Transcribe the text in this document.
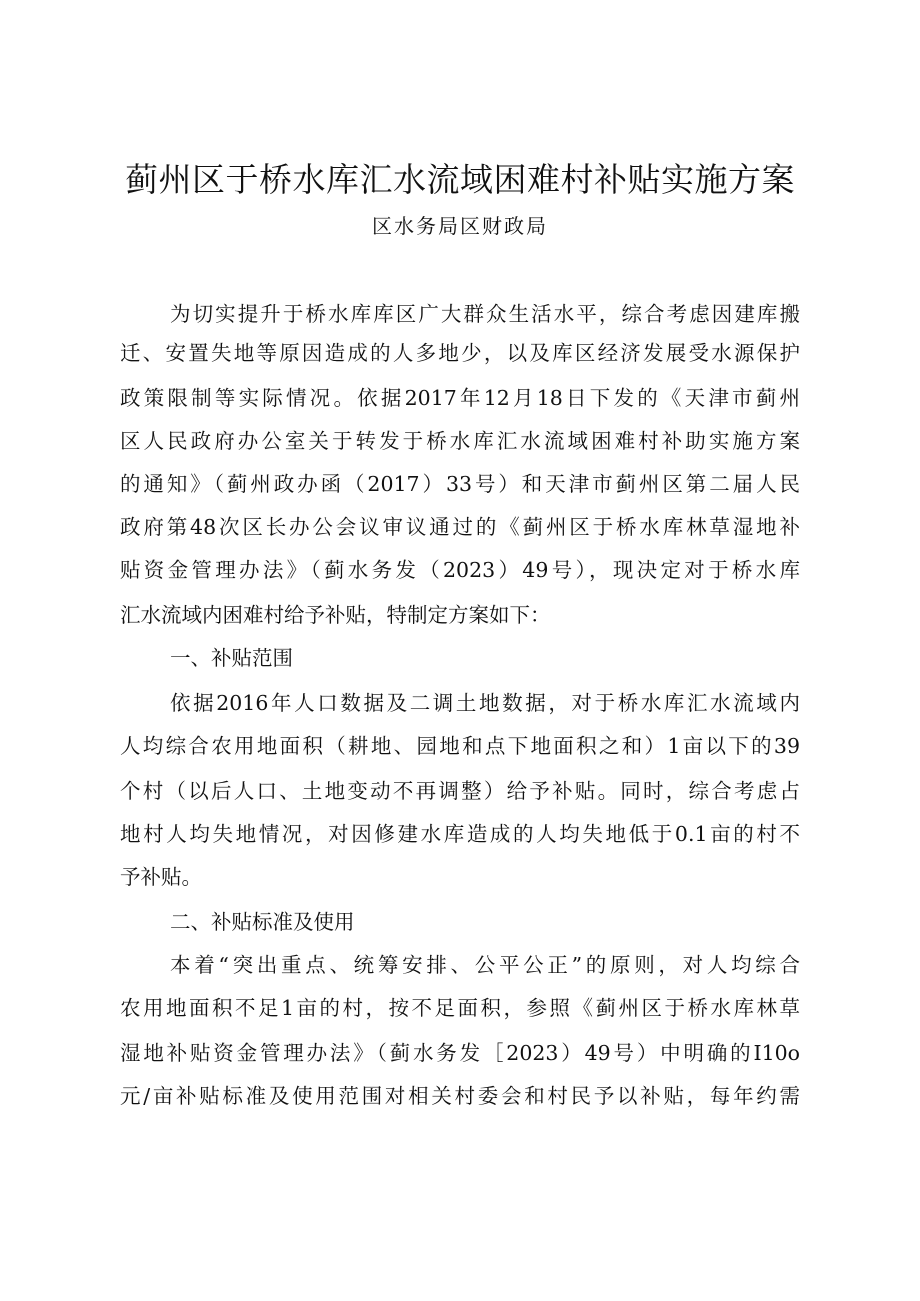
蓟州区于桥水库汇水流域困难村补贴实施方案
区水务局区财政局
为切实提升于桥水库库区广大群众生活水平，综合考虑因建库搬
迁、安置失地等原因造成的人多地少，以及库区经济发展受水源保护
政策限制等实际情况。依据2017年12月18日下发的《天津市蓟州
区人民政府办公室关于转发于桥水库汇水流域困难村补助实施方案
的通知》（蓟州政办函（2017）33号）和天津市蓟州区第二届人民
政府第48次区长办公会议审议通过的《蓟州区于桥水库林草湿地补
贴资金管理办法》（蓟水务发（2023）49号），现决定对于桥水库
汇水流域内困难村给予补贴，特制定方案如下：
一、补贴范围
依据2016年人口数据及二调土地数据，对于桥水库汇水流域内
人均综合农用地面积（耕地、园地和点下地面积之和）1亩以下的39
个村（以后人口、土地变动不再调整）给予补贴。同时，综合考虑占
地村人均失地情况，对因修建水库造成的人均失地低于0.1亩的村不
予补贴。
二、补贴标准及使用
本着“突出重点、统筹安排、公平公正”的原则，对人均综合
农用地面积不足1亩的村，按不足面积，参照《蓟州区于桥水库林草
湿地补贴资金管理办法》（蓟水务发［2023）49号）中明确的I10o
元/亩补贴标准及使用范围对相关村委会和村民予以补贴，每年约需
